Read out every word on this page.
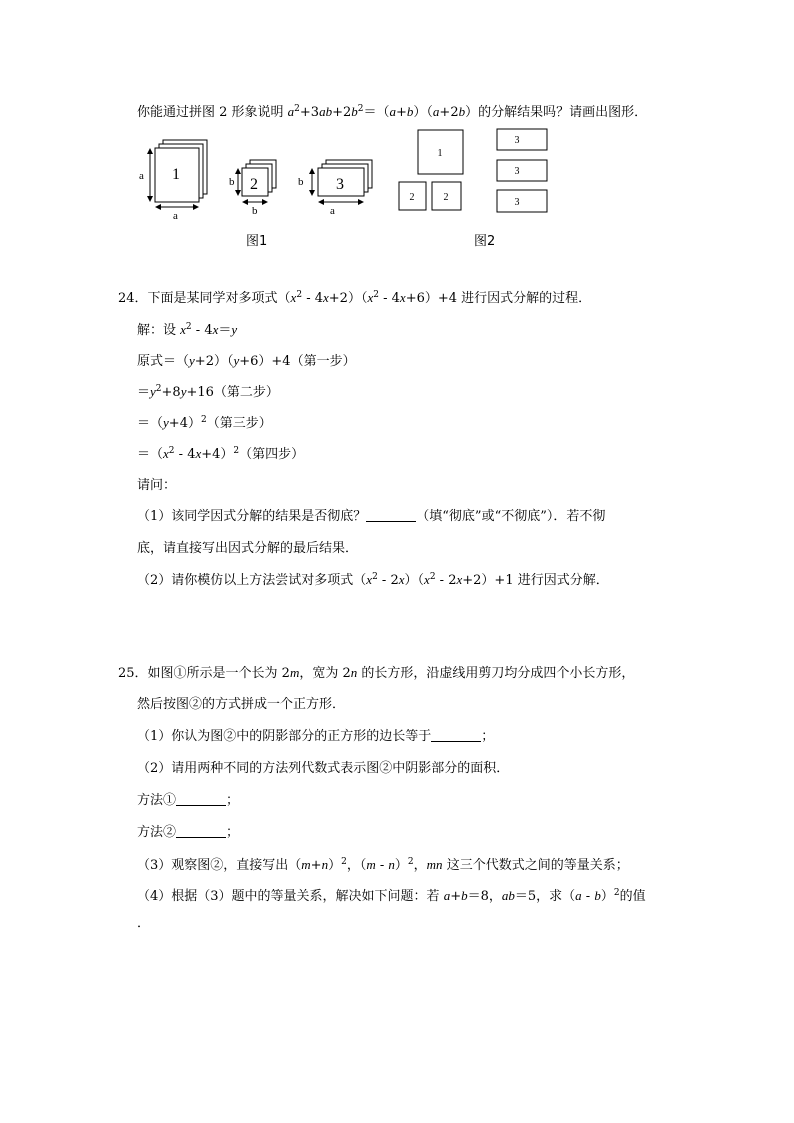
你能通过拼图 2 形象说明 $a^2+3ab+2b^2=(a+b)(a+2b)$的分解结果吗？请画出图形．
1
a
a
2
b
b
3
b
a
图1
1
2	2
3
3
3
图2
24．下面是某同学对多项式$(x^2 - 4x+2)(x^2 - 4x+6)+4$ 进行因式分解的过程．
解：设 $x^2 - 4x=y$
原式＝（y+2）（y+6）+4（第一步）
$=y^2+8y+16$（第二步）
$=(y+4)^2$（第三步）
$=(x^2 - 4x+4)^2$（第四步）
请问：
（1）该同学因式分解的结果是否彻底？	（填“彻底”或“不彻底”）．若不彻
底，请直接写出因式分解的最后结果．
（2）请你模仿以上方法尝试对多项式$(x^2 - 2x)(x^2 - 2x+2)+1$ 进行因式分解．
25．如图①所示是一个长为 2m，宽为 2n 的长方形，沿虚线用剪刀均分成四个小长方形，
然后按图②的方式拼成一个正方形．
（1）你认为图②中的阴影部分的正方形的边长等于	；
（2）请用两种不同的方法列代数式表示图②中阴影部分的面积．
方法①	；
方法②	；
（3）观察图②，直接写出$(m+n)^2$，（m - n）$^2$，mn 这三个代数式之间的等量关系；
（4）根据（3）题中的等量关系，解决如下问题：若 a+b＝8，ab＝5，求（a - b）$^2$的值
．
